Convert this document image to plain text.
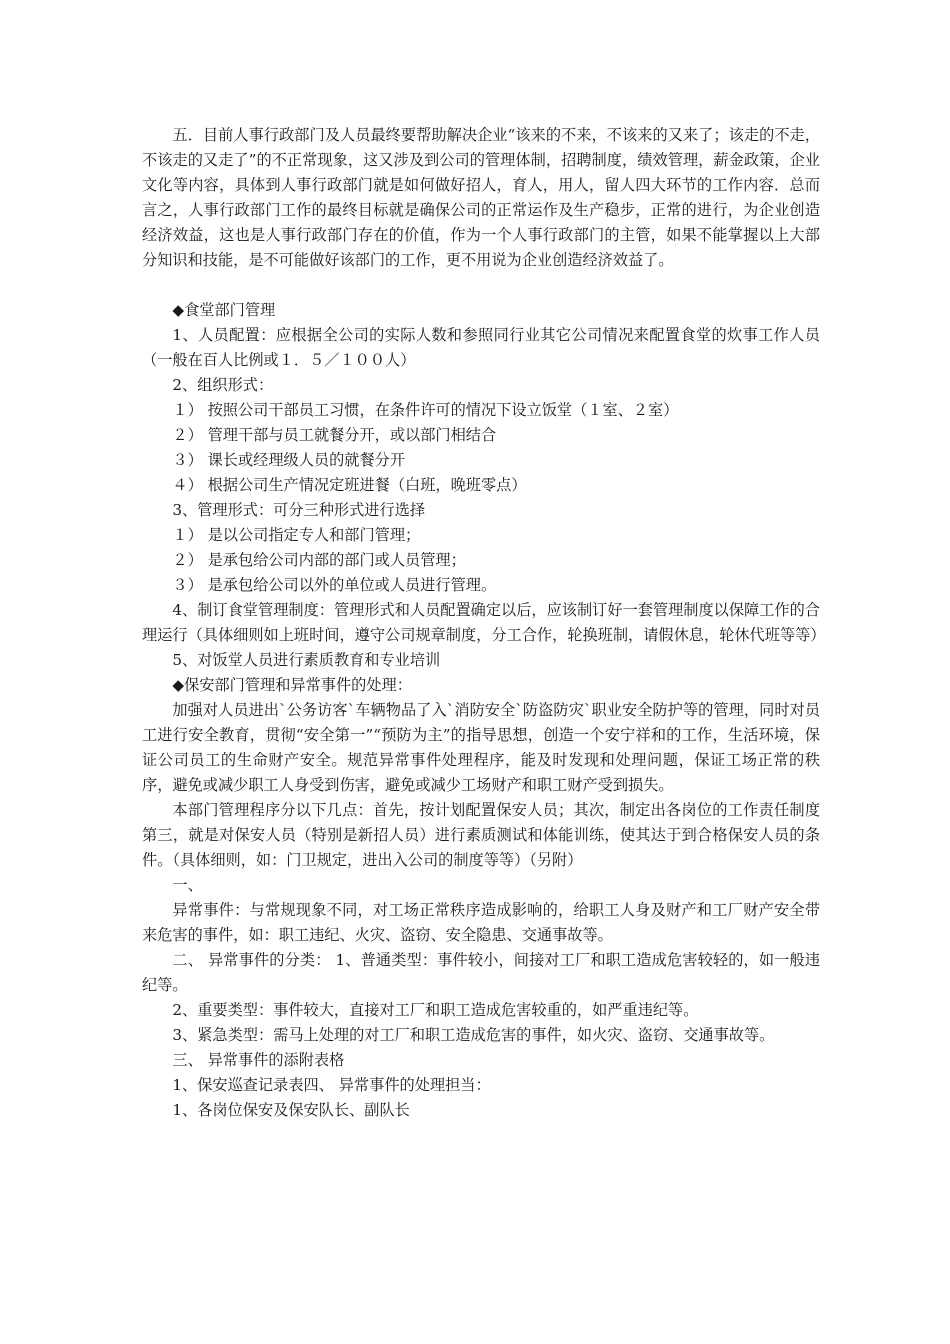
五．目前人事行政部门及人员最终要帮助解决企业“该来的不来，不该来的又来了；该走的不走，不该走的又走了”的不正常现象，这又涉及到公司的管理体制，招聘制度，绩效管理，薪金政策，企业文化等内容，具体到人事行政部门就是如何做好招人，育人，用人，留人四大环节的工作内容．总而言之，人事行政部门工作的最终目标就是确保公司的正常运作及生产稳步，正常的进行，为企业创造经济效益，这也是人事行政部门存在的价值，作为一个人事行政部门的主管，如果不能掌握以上大部分知识和技能，是不可能做好该部门的工作，更不用说为企业创造经济效益了。

◆食堂部门管理

1、人员配置：应根据全公司的实际人数和参照同行业其它公司情况来配置食堂的炊事工作人员（一般在百人比例或１．５／１００人）

2、组织形式：

１） 按照公司干部员工习惯，在条件许可的情况下设立饭堂（１室、２室）

２） 管理干部与员工就餐分开，或以部门相结合

３） 课长或经理级人员的就餐分开

４） 根据公司生产情况定班进餐（白班，晚班零点）

3、管理形式：可分三种形式进行选择

１） 是以公司指定专人和部门管理；

２） 是承包给公司内部的部门或人员管理；

３） 是承包给公司以外的单位或人员进行管理。

4、制订食堂管理制度：管理形式和人员配置确定以后，应该制订好一套管理制度以保障工作的合理运行（具体细则如上班时间，遵守公司规章制度，分工合作，轮换班制，请假休息，轮休代班等等）

5、对饭堂人员进行素质教育和专业培训

◆保安部门管理和异常事件的处理：

加强对人员进出`公务访客`车辆物品了入`消防安全`防盗防灾`职业安全防护等的管理，同时对员工进行安全教育，贯彻“安全第一”“预防为主”的指导思想，创造一个安宁祥和的工作，生活环境，保证公司员工的生命财产安全。规范异常事件处理程序，能及时发现和处理问题，保证工场正常的秩序，避免或减少职工人身受到伤害，避免或减少工场财产和职工财产受到损失。

本部门管理程序分以下几点：首先，按计划配置保安人员；其次，制定出各岗位的工作责任制度第三，就是对保安人员（特别是新招人员）进行素质测试和体能训练，使其达于到合格保安人员的条件。（具体细则，如：门卫规定，进出入公司的制度等等）（另附）

一、

异常事件：与常规现象不同，对工场正常秩序造成影响的，给职工人身及财产和工厂财产安全带来危害的事件，如：职工违纪、火灾、盗窃、安全隐患、交通事故等。

二、 异常事件的分类： 1、普通类型：事件较小，间接对工厂和职工造成危害较轻的，如一般违纪等。

2、重要类型：事件较大，直接对工厂和职工造成危害较重的，如严重违纪等。

3、紧急类型：需马上处理的对工厂和职工造成危害的事件，如火灾、盗窃、交通事故等。

三、 异常事件的添附表格

1、保安巡查记录表四、 异常事件的处理担当：

1、各岗位保安及保安队长、副队长
